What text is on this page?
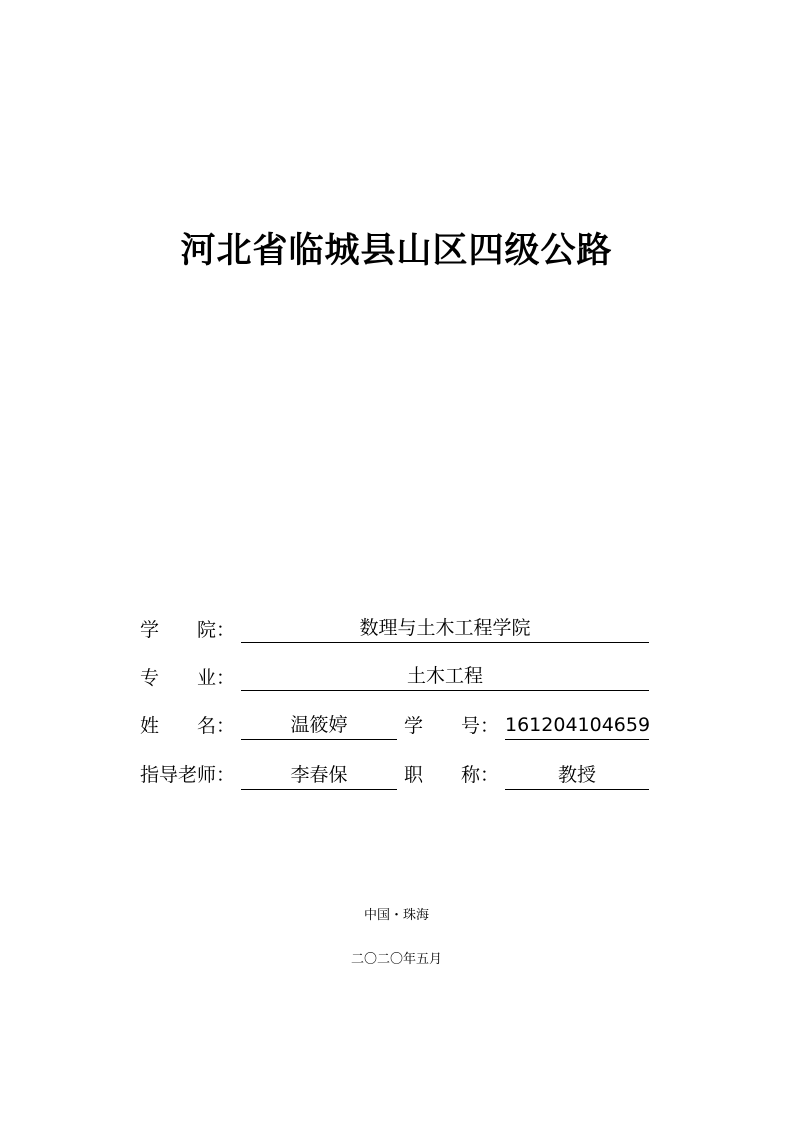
河北省临城县山区四级公路
学　　院：	数理与土木工程学院
专　　业：	土木工程
姓　　名：	温筱婷	学　　号： 161204104659
指导老师：	李春保	职　　称：	教授
中国・珠海
二〇二〇年五月
